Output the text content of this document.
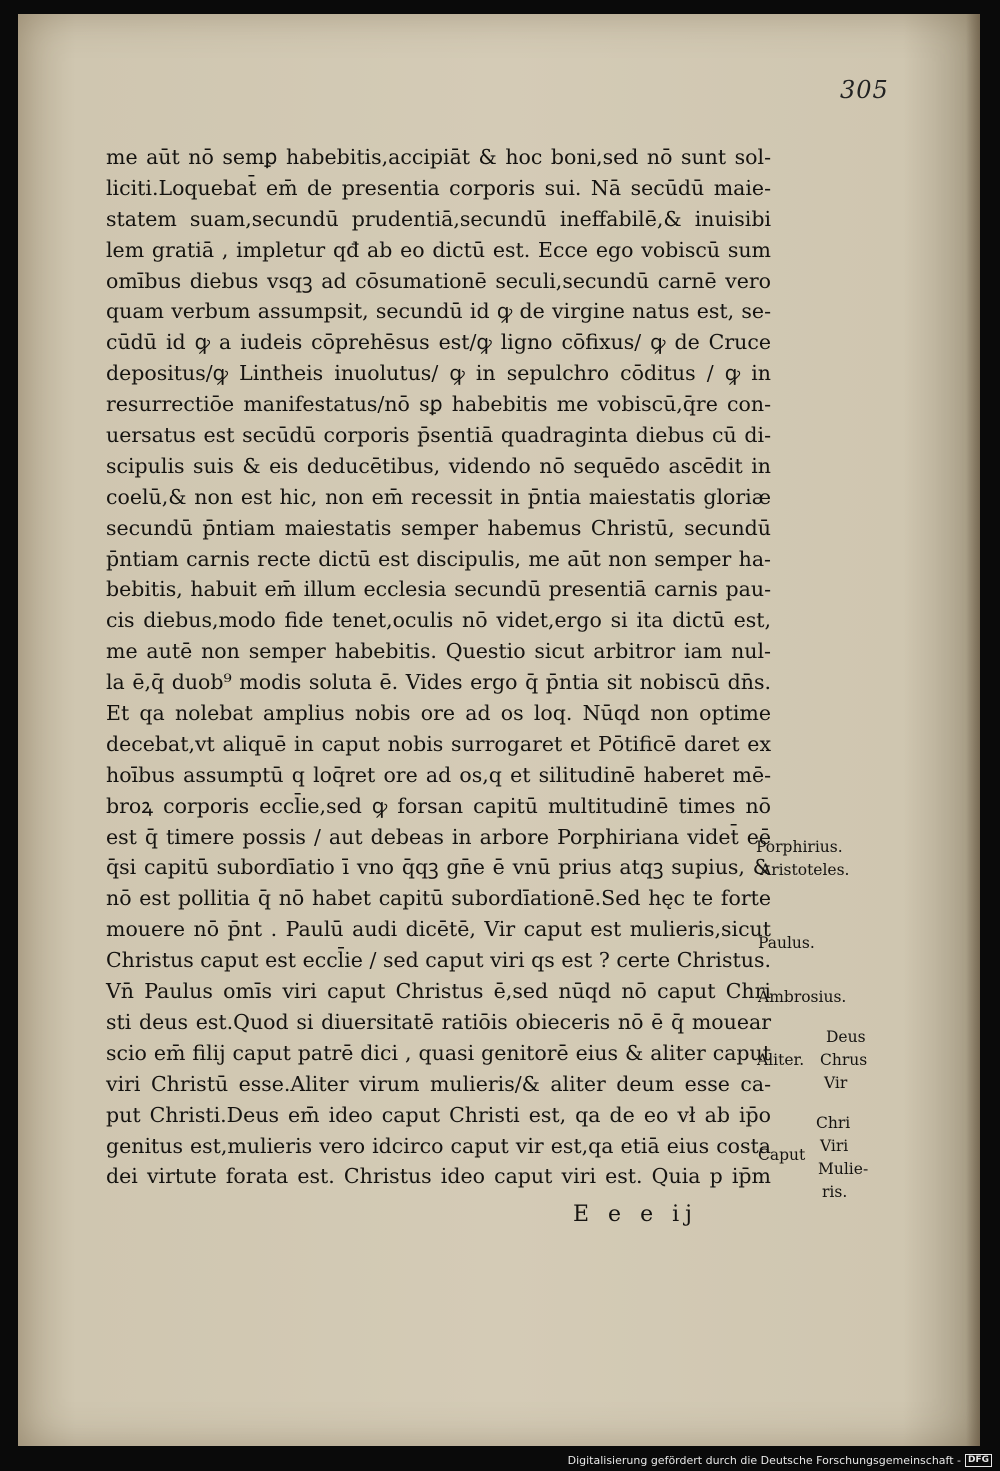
305
me aūt nō semꝑ habebitis,accipiāt & hoc boni,sed nō sunt sol-
liciti.Loquebat̄ em̄ de presentia corporis sui. Nā secūdū maie-
statem suam,secundū prudentiā,secundū ineffabilē,& inuisibi
lem gratiā , impletur qđ ab eo dictū est. Ecce ego vobiscū sum
omībus diebus vsqꝫ ad cōsumationē seculi,secundū carnē vero
quam verbum assumpsit, secundū id ꝙ de virgine natus est, se-
cūdū id ꝙ a iudeis cōprehēsus est/ꝙ ligno cōfixus/ ꝙ de Cruce
depositus/ꝙ Lintheis inuolutus/ ꝙ in sepulchro cōditus / ꝙ in
resurrectiōe manifestatus/nō sꝑ habebitis me vobiscū,q̄re con-
uersatus est secūdū corporis p̄sentiā quadraginta diebus cū di-
scipulis suis & eis deducētibus, videndo nō sequēdo ascēdit in
coelū,& non est hic, non em̄ recessit in p̄ntia maiestatis gloriæ
secundū p̄ntiam maiestatis semper habemus Christū, secundū
p̄ntiam carnis recte dictū est discipulis, me aūt non semper ha-
bebitis, habuit em̄ illum ecclesia secundū presentiā carnis pau-
cis diebus,modo fide tenet,oculis nō videt,ergo si ita dictū est,
me autē non semper habebitis. Questio sicut arbitror iam nul-
la ē,q̄ duob⁹ modis soluta ē. Vides ergo q̄ p̄ntia sit nobiscū dn̄s.
Et qa nolebat amplius nobis ore ad os loq. Nūqd non optime
decebat,vt aliquē in caput nobis surrogaret et Pōtificē daret ex
hoībus assumptū q loq̄ret ore ad os,q et silitudinē haberet mē-
broꝝ corporis eccl̄ie,sed ꝙ forsan capitū multitudinē times nō
est q̄ timere possis / aut debeas in arbore Porphiriana videt̄ eē
q̄si capitū subordīatio ī vno q̄qꝫ gn̄e ē vnū prius atqꝫ supius, &
nō est pollitia q̄ nō habet capitū subordīationē.Sed hęc te forte
mouere nō p̄nt . Paulū audi dicētē, Vir caput est mulieris,sicut
Christus caput est eccl̄ie / sed caput viri qs est ? certe Christus.
Vn̄ Paulus omīs viri caput Christus ē,sed nūqd nō caput Chri
sti deus est.Quod si diuersitatē ratiōis obieceris nō ē q̄ mouear
scio em̄ filij caput patrē dici , quasi genitorē eius & aliter caput
viri Christū esse.Aliter virum mulieris/& aliter deum esse ca-
put Christi.Deus em̄ ideo caput Christi est, qa de eo vł ab ip̄o
genitus est,mulieris vero idcirco caput vir est,qa etiā eius costa
dei virtute forata est. Christus ideo caput viri est. Quia p ip̄m
E e e ij
Porphirius.
Aristoteles.
Paulus.
Ambrosius.
Deus
Aliter. Chrus
Vir
Chri
Caput Viri
Mulie-
ris.
Digitalisierung gefördert durch die Deutsche Forschungsgemeinschaft - DFG
